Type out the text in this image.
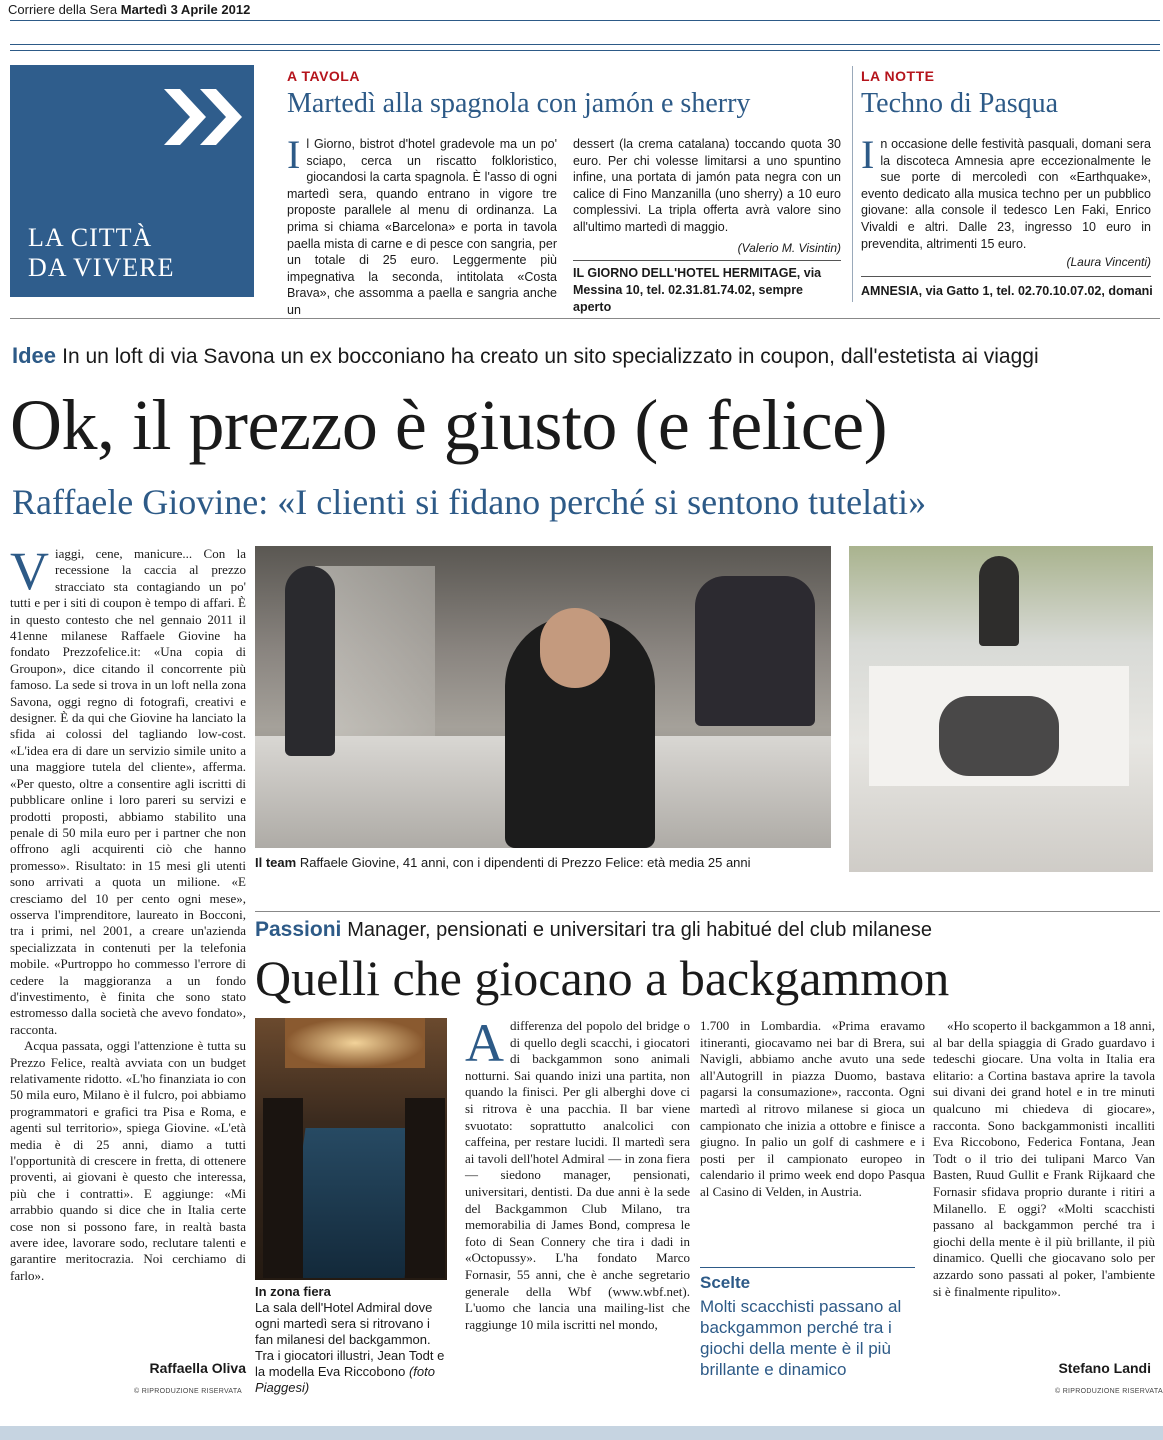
Corriere della Sera Martedì 3 Aprile 2012
LA CITTÀ
DA VIVERE
A TAVOLA
Martedì alla spagnola con jamón e sherry
Il Giorno, bistrot d'hotel gradevole ma un po' sciapo, cerca un riscatto folkloristico, giocandosi la carta spagnola. È l'asso di ogni martedì sera, quando entrano in vigore tre proposte parallele al menu di ordinanza. La prima si chiama «Barcelona» e porta in tavola paella mista di carne e di pesce con sangria, per un totale di 25 euro. Leggermente più impegnativa la seconda, intitolata «Costa Brava», che assomma a paella e sangria anche un
dessert (la crema catalana) toccando quota 30 euro. Per chi volesse limitarsi a uno spuntino infine, una portata di jamón pata negra con un calice di Fino Manzanilla (uno sherry) a 10 euro complessivi. La tripla offerta avrà valore sino all'ultimo martedì di maggio.
(Valerio M. Visintin)
IL GIORNO DELL'HOTEL HERMITAGE, via Messina 10, tel. 02.31.81.74.02, sempre aperto
LA NOTTE
Techno di Pasqua
In occasione delle festività pasquali, domani sera la discoteca Amnesia apre eccezionalmente le sue porte di mercoledì con «Earthquake», evento dedicato alla musica techno per un pubblico giovane: alla console il tedesco Len Faki, Enrico Vivaldi e altri. Dalle 23, ingresso 10 euro in prevendita, altrimenti 15 euro.
(Laura Vincenti)
AMNESIA, via Gatto 1, tel. 02.70.10.07.02, domani
Idee In un loft di via Savona un ex bocconiano ha creato un sito specializzato in coupon, dall'estetista ai viaggi
Ok, il prezzo è giusto (e felice)
Raffaele Giovine: «I clienti si fidano perché si sentono tutelati»
Viaggi, cene, manicure... Con la recessione la caccia al prezzo stracciato sta contagiando un po' tutti e per i siti di coupon è tempo di affari. È in questo contesto che nel gennaio 2011 il 41enne milanese Raffaele Giovine ha fondato Prezzofelice.it: «Una copia di Groupon», dice citando il concorrente più famoso. La sede si trova in un loft nella zona Savona, oggi regno di fotografi, creativi e designer. È da qui che Giovine ha lanciato la sfida ai colossi del tagliando low-cost. «L'idea era di dare un servizio simile unito a una maggiore tutela del cliente», afferma. «Per questo, oltre a consentire agli iscritti di pubblicare online i loro pareri su servizi e prodotti proposti, abbiamo stabilito una penale di 50 mila euro per i partner che non offrono agli acquirenti ciò che hanno promesso». Risultato: in 15 mesi gli utenti sono arrivati a quota un milione. «E cresciamo del 10 per cento ogni mese», osserva l'imprenditore, laureato in Bocconi, tra i primi, nel 2001, a creare un'azienda specializzata in contenuti per la telefonia mobile. «Purtroppo ho commesso l'errore di cedere la maggioranza a un fondo d'investimento, è finita che sono stato estromesso dalla società che avevo fondato», racconta.
Acqua passata, oggi l'attenzione è tutta su Prezzo Felice, realtà avviata con un budget relativamente ridotto. «L'ho finanziata io con 50 mila euro, Milano è il fulcro, poi abbiamo programmatori e grafici tra Pisa e Roma, e agenti sul territorio», spiega Giovine. «L'età media è di 25 anni, diamo a tutti l'opportunità di crescere in fretta, di ottenere proventi, ai giovani è questo che interessa, più che i contratti». E aggiunge: «Mi arrabbio quando si dice che in Italia certe cose non si possono fare, in realtà basta avere idee, lavorare sodo, reclutare talenti e garantire meritocrazia. Noi cerchiamo di farlo».
Raffaella Oliva
© RIPRODUZIONE RISERVATA
Il team Raffaele Giovine, 41 anni, con i dipendenti di Prezzo Felice: età media 25 anni
Passioni Manager, pensionati e universitari tra gli habitué del club milanese
Quelli che giocano a backgammon
In zona fiera
La sala dell'Hotel Admiral dove ogni martedì sera si ritrovano i fan milanesi del backgammon. Tra i giocatori illustri, Jean Todt e la modella Eva Riccobono (foto Piaggesi)
Adifferenza del popolo del bridge o di quello degli scacchi, i giocatori di backgammon sono animali notturni. Sai quando inizi una partita, non quando la finisci. Per gli alberghi dove ci si ritrova è una pacchia. Il bar viene svuotato: soprattutto analcolici con caffeina, per restare lucidi. Il martedì sera ai tavoli dell'hotel Admiral — in zona fiera — siedono manager, pensionati, universitari, dentisti. Da due anni è la sede del Backgammon Club Milano, tra memorabilia di James Bond, compresa le foto di Sean Connery che tira i dadi in «Octopussy». L'ha fondato Marco Fornasir, 55 anni, che è anche segretario generale della Wbf (www.wbf.net). L'uomo che lancia una mailing-list che raggiunge 10 mila iscritti nel mondo,
1.700 in Lombardia. «Prima eravamo itineranti, giocavamo nei bar di Brera, sui Navigli, abbiamo anche avuto una sede all'Autogrill in piazza Duomo, bastava pagarsi la consumazione», racconta. Ogni martedì al ritrovo milanese si gioca un campionato che inizia a ottobre e finisce a giugno. In palio un golf di cashmere e i posti per il campionato europeo in calendario il primo week end dopo Pasqua al Casino di Velden, in Austria.
Scelte
Molti scacchisti passano al backgammon perché tra i giochi della mente è il più brillante e dinamico
«Ho scoperto il backgammon a 18 anni, al bar della spiaggia di Grado guardavo i tedeschi giocare. Una volta in Italia era elitario: a Cortina bastava aprire la tavola sui divani dei grand hotel e in tre minuti qualcuno mi chiedeva di giocare», racconta. Sono backgammonisti incalliti Eva Riccobono, Federica Fontana, Jean Todt o il trio dei tulipani Marco Van Basten, Ruud Gullit e Frank Rijkaard che Fornasir sfidava proprio durante i ritiri a Milanello. E oggi? «Molti scacchisti passano al backgammon perché tra i giochi della mente è il più brillante, il più dinamico. Quelli che giocavano solo per azzardo sono passati al poker, l'ambiente si è finalmente ripulito».
Stefano Landi
© RIPRODUZIONE RISERVATA
